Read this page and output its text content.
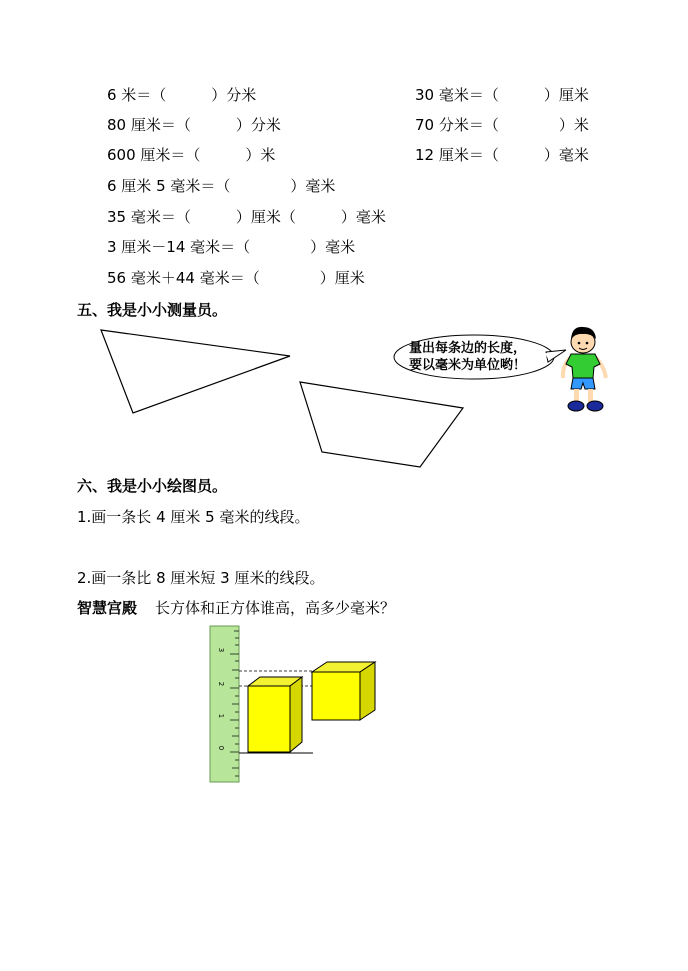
6 米＝（　　　）分米
80 厘米＝（　　　）分米
600 厘米＝（　　　）米
6 厘米 5 毫米＝（　　　　）毫米
35 毫米＝（　　　）厘米（　　　）毫米
3 厘米－14 毫米＝（　　　　）毫米
56 毫米＋44 毫米＝（　　　　）厘米
30 毫米＝（　　　）厘米
70 分米＝（　　　　）米
12 厘米＝（　　　）毫米
五、我是小小测量员。
量出每条边的长度，
要以毫米为单位哟！
六、我是小小绘图员。
1.画一条长 4 厘米 5 毫米的线段。
2.画一条比 8 厘米短 3 厘米的线段。
智慧宫殿 长方体和正方体谁高，高多少毫米？
3
2
1
0
